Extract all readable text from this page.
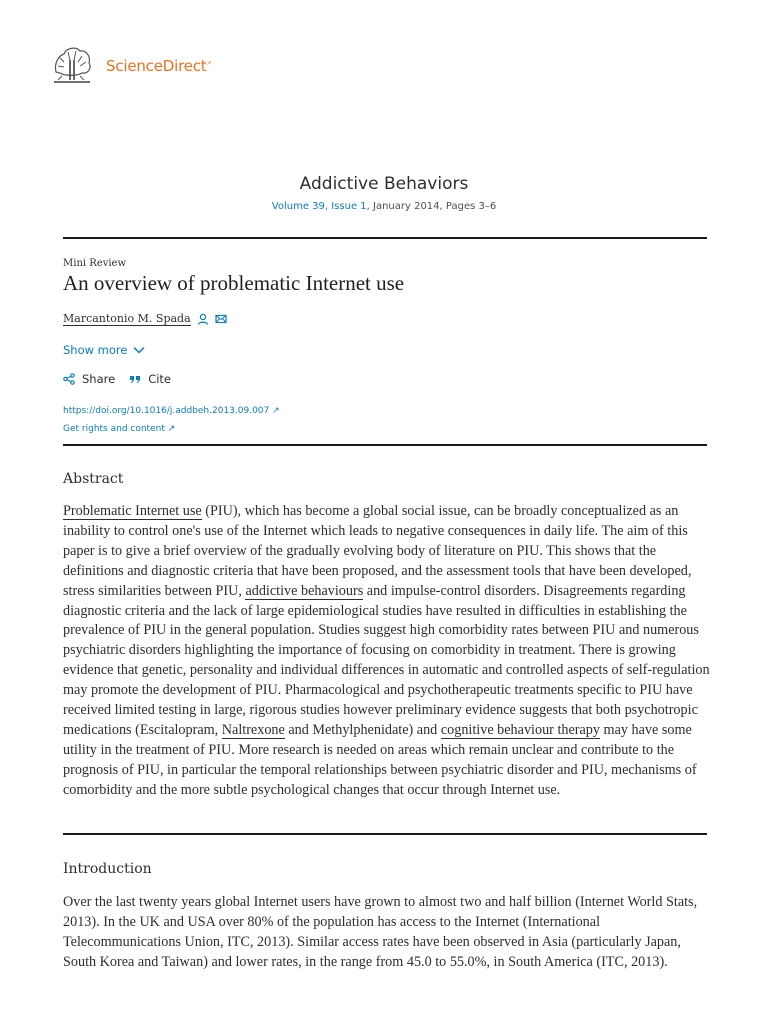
ScienceDirect↗
Addictive Behaviors
Volume 39, Issue 1, January 2014, Pages 3–6
Mini Review
An overview of problematic Internet use
Marcantonio M. Spada
Show more
Share	Cite
https://doi.org/10.1016/j.addbeh.2013.09.007 ↗
Get rights and content ↗
Abstract
Problematic Internet use (PIU), which has become a global social issue, can be broadly conceptualized as an inability to control one's use of the Internet which leads to negative consequences in daily life. The aim of this paper is to give a brief overview of the gradually evolving body of literature on PIU. This shows that the definitions and diagnostic criteria that have been proposed, and the assessment tools that have been developed, stress similarities between PIU, addictive behaviours and impulse-control disorders. Disagreements regarding diagnostic criteria and the lack of large epidemiological studies have resulted in difficulties in establishing the prevalence of PIU in the general population. Studies suggest high comorbidity rates between PIU and numerous psychiatric disorders highlighting the importance of focusing on comorbidity in treatment. There is growing evidence that genetic, personality and individual differences in automatic and controlled aspects of self-regulation may promote the development of PIU. Pharmacological and psychotherapeutic treatments specific to PIU have received limited testing in large, rigorous studies however preliminary evidence suggests that both psychotropic medications (Escitalopram, Naltrexone and Methylphenidate) and cognitive behaviour therapy may have some utility in the treatment of PIU. More research is needed on areas which remain unclear and contribute to the prognosis of PIU, in particular the temporal relationships between psychiatric disorder and PIU, mechanisms of comorbidity and the more subtle psychological changes that occur through Internet use.
Introduction
Over the last twenty years global Internet users have grown to almost two and half billion (Internet World Stats, 2013). In the UK and USA over 80% of the population has access to the Internet (International Telecommunications Union, ITC, 2013). Similar access rates have been observed in Asia (particularly Japan, South Korea and Taiwan) and lower rates, in the range from 45.0 to 55.0%, in South America (ITC, 2013).
